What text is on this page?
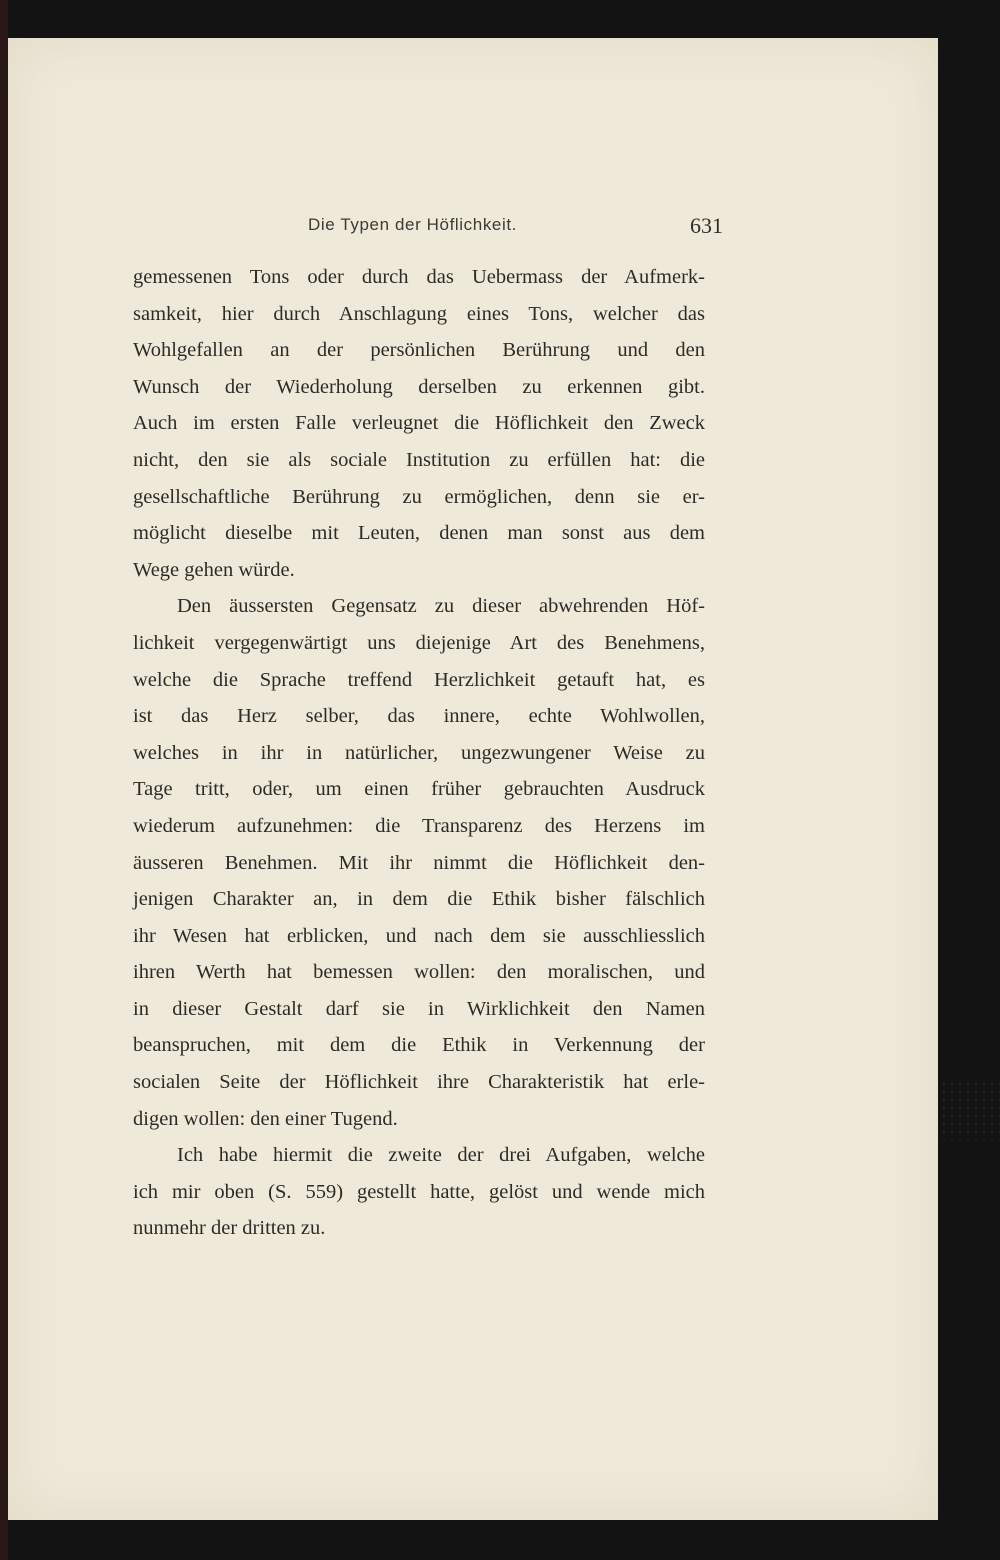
Die Typen der Höflichkeit.	631
gemessenen Tons oder durch das Uebermass der Aufmerk-
samkeit, hier durch Anschlagung eines Tons, welcher das
Wohlgefallen an der persönlichen Berührung und den
Wunsch der Wiederholung derselben zu erkennen gibt.
Auch im ersten Falle verleugnet die Höflichkeit den Zweck
nicht, den sie als sociale Institution zu erfüllen hat: die
gesellschaftliche Berührung zu ermöglichen, denn sie er-
möglicht dieselbe mit Leuten, denen man sonst aus dem
Wege gehen würde.
Den äussersten Gegensatz zu dieser abwehrenden Höf-
lichkeit vergegenwärtigt uns diejenige Art des Benehmens,
welche die Sprache treffend Herzlichkeit getauft hat, es
ist das Herz selber, das innere, echte Wohlwollen,
welches in ihr in natürlicher, ungezwungener Weise zu
Tage tritt, oder, um einen früher gebrauchten Ausdruck
wiederum aufzunehmen: die Transparenz des Herzens im
äusseren Benehmen. Mit ihr nimmt die Höflichkeit den-
jenigen Charakter an, in dem die Ethik bisher fälschlich
ihr Wesen hat erblicken, und nach dem sie ausschliesslich
ihren Werth hat bemessen wollen: den moralischen, und
in dieser Gestalt darf sie in Wirklichkeit den Namen
beanspruchen, mit dem die Ethik in Verkennung der
socialen Seite der Höflichkeit ihre Charakteristik hat erle-
digen wollen: den einer Tugend.
Ich habe hiermit die zweite der drei Aufgaben, welche
ich mir oben (S. 559) gestellt hatte, gelöst und wende mich
nunmehr der dritten zu.
